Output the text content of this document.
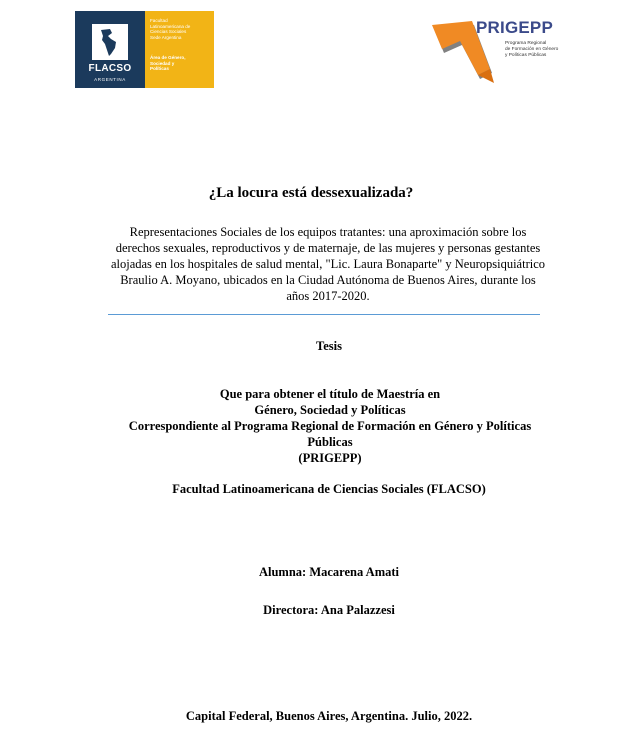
FLACSO
ARGENTINA
Facultad
Latinoamericana de
Ciencias Sociales
Sede Argentina
Área de Género,
Sociedad y
Políticas
PRIGEPP
Programa Regional
de Formación en Género
y Políticas Públicas
¿La locura está dessexualizada?
Representaciones Sociales de los equipos tratantes: una aproximación sobre los derechos sexuales, reproductivos y de maternaje, de las mujeres y personas gestantes alojadas en los hospitales de salud mental, "Lic. Laura Bonaparte" y Neuropsiquiátrico Braulio A. Moyano, ubicados en la Ciudad Autónoma de Buenos Aires, durante los años 2017-2020.
Tesis
Que para obtener el título de Maestría en
Género, Sociedad y Políticas
Correspondiente al Programa Regional de Formación en Género y Políticas
Públicas
(PRIGEPP)
Facultad Latinoamericana de Ciencias Sociales (FLACSO)
Alumna: Macarena Amati
Directora: Ana Palazzesi
Capital Federal, Buenos Aires, Argentina. Julio, 2022.
